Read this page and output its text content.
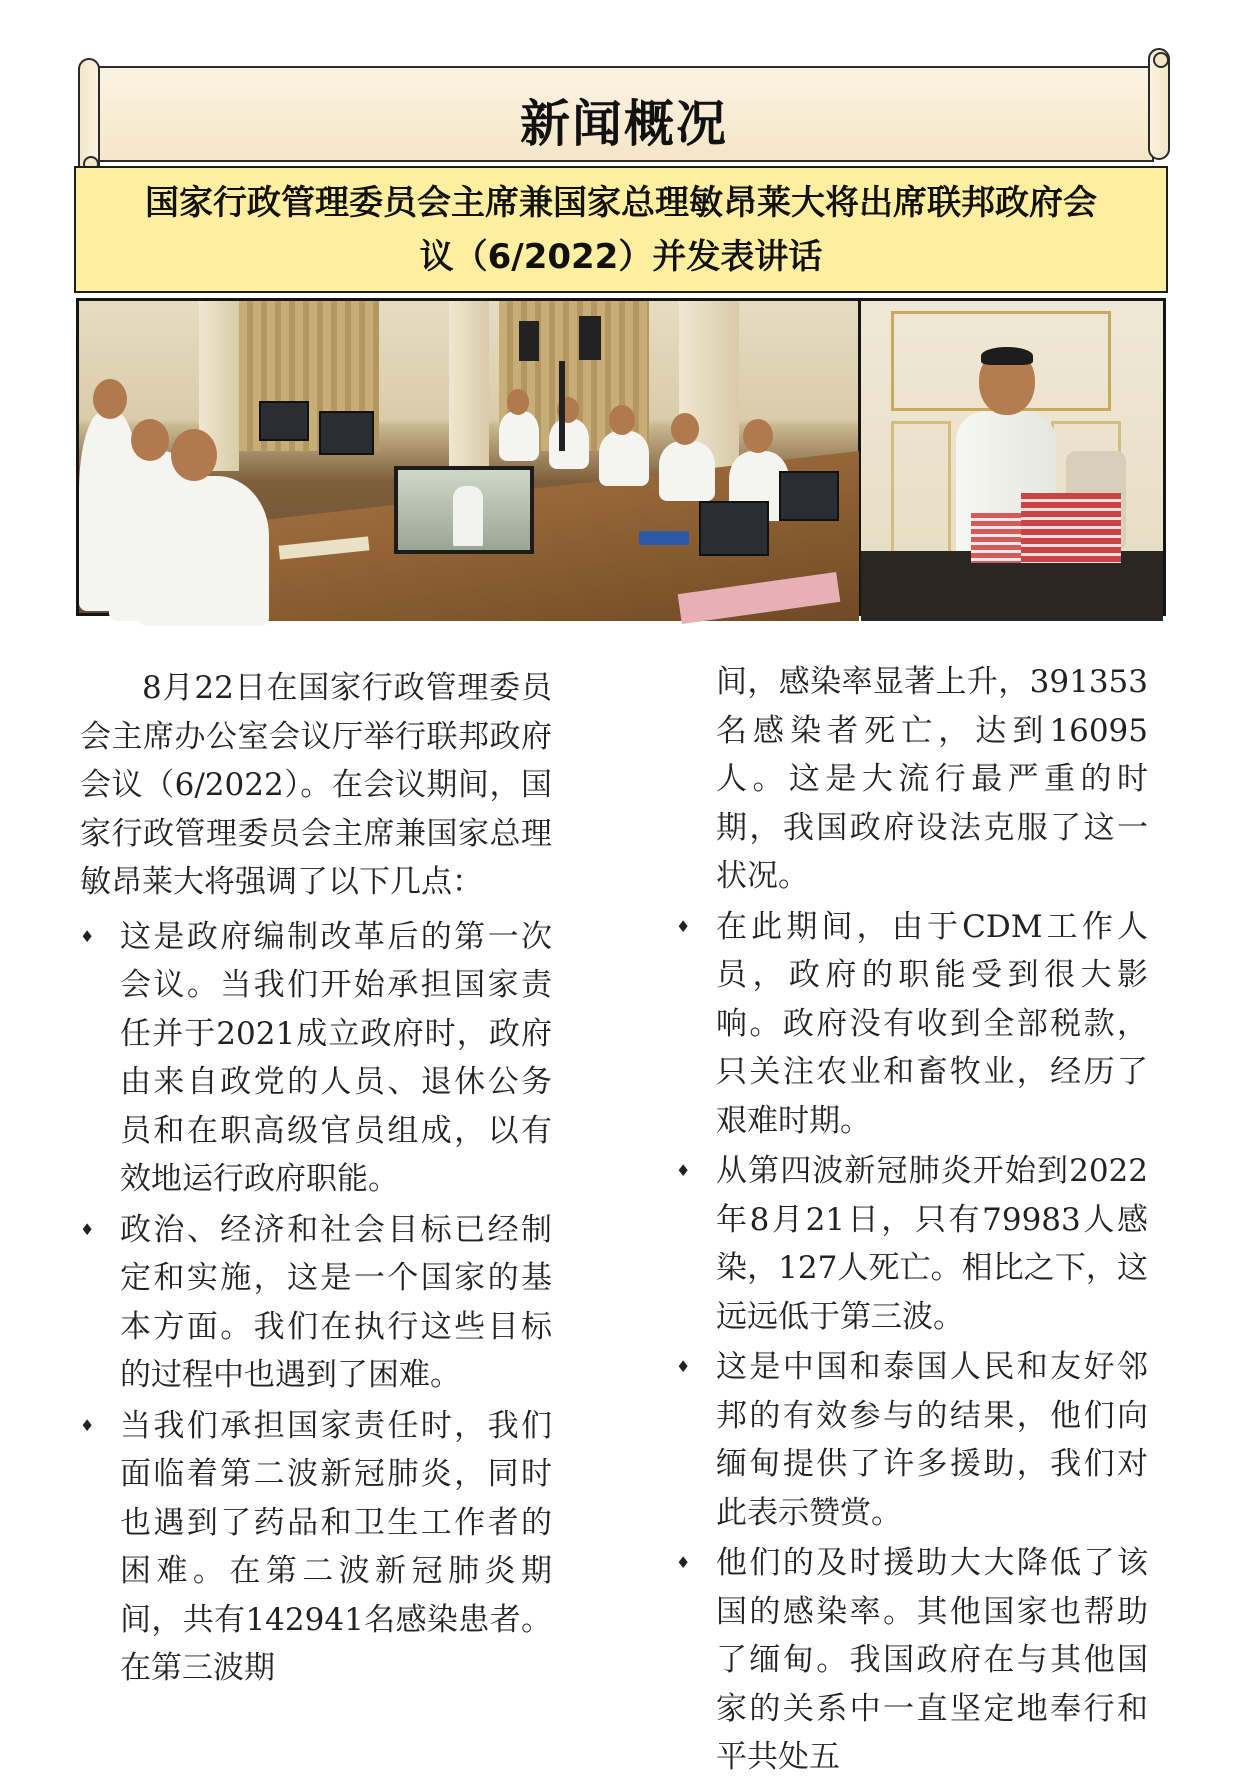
新闻概况
国家行政管理委员会主席兼国家总理敏昂莱大将出席联邦政府会
议（6/2022）并发表讲话

8月22日在国家行政管理委员会主席办公室会议厅举行联邦政府会议（6/2022）。在会议期间，国家行政管理委员会主席兼国家总理敏昂莱大将强调了以下几点：

♦ 这是政府编制改革后的第一次会议。当我们开始承担国家责任并于2021成立政府时，政府由来自政党的人员、退休公务员和在职高级官员组成，以有效地运行政府职能。
♦ 政治、经济和社会目标已经制定和实施，这是一个国家的基本方面。我们在执行这些目标的过程中也遇到了困难。
♦ 当我们承担国家责任时，我们面临着第二波新冠肺炎，同时也遇到了药品和卫生工作者的困难。在第二波新冠肺炎期间，共有142941名感染患者。在第三波期

间，感染率显著上升，391353名感染者死亡，达到16095人。这是大流行最严重的时期，我国政府设法克服了这一状况。

♦ 在此期间，由于CDM工作人员，政府的职能受到很大影响。政府没有收到全部税款，只关注农业和畜牧业，经历了艰难时期。
♦ 从第四波新冠肺炎开始到2022年8月21日，只有79983人感染，127人死亡。相比之下，这远远低于第三波。
♦ 这是中国和泰国人民和友好邻邦的有效参与的结果，他们向缅甸提供了许多援助，我们对此表示赞赏。
♦ 他们的及时援助大大降低了该国的感染率。其他国家也帮助了缅甸。我国政府在与其他国家的关系中一直坚定地奉行和平共处五
